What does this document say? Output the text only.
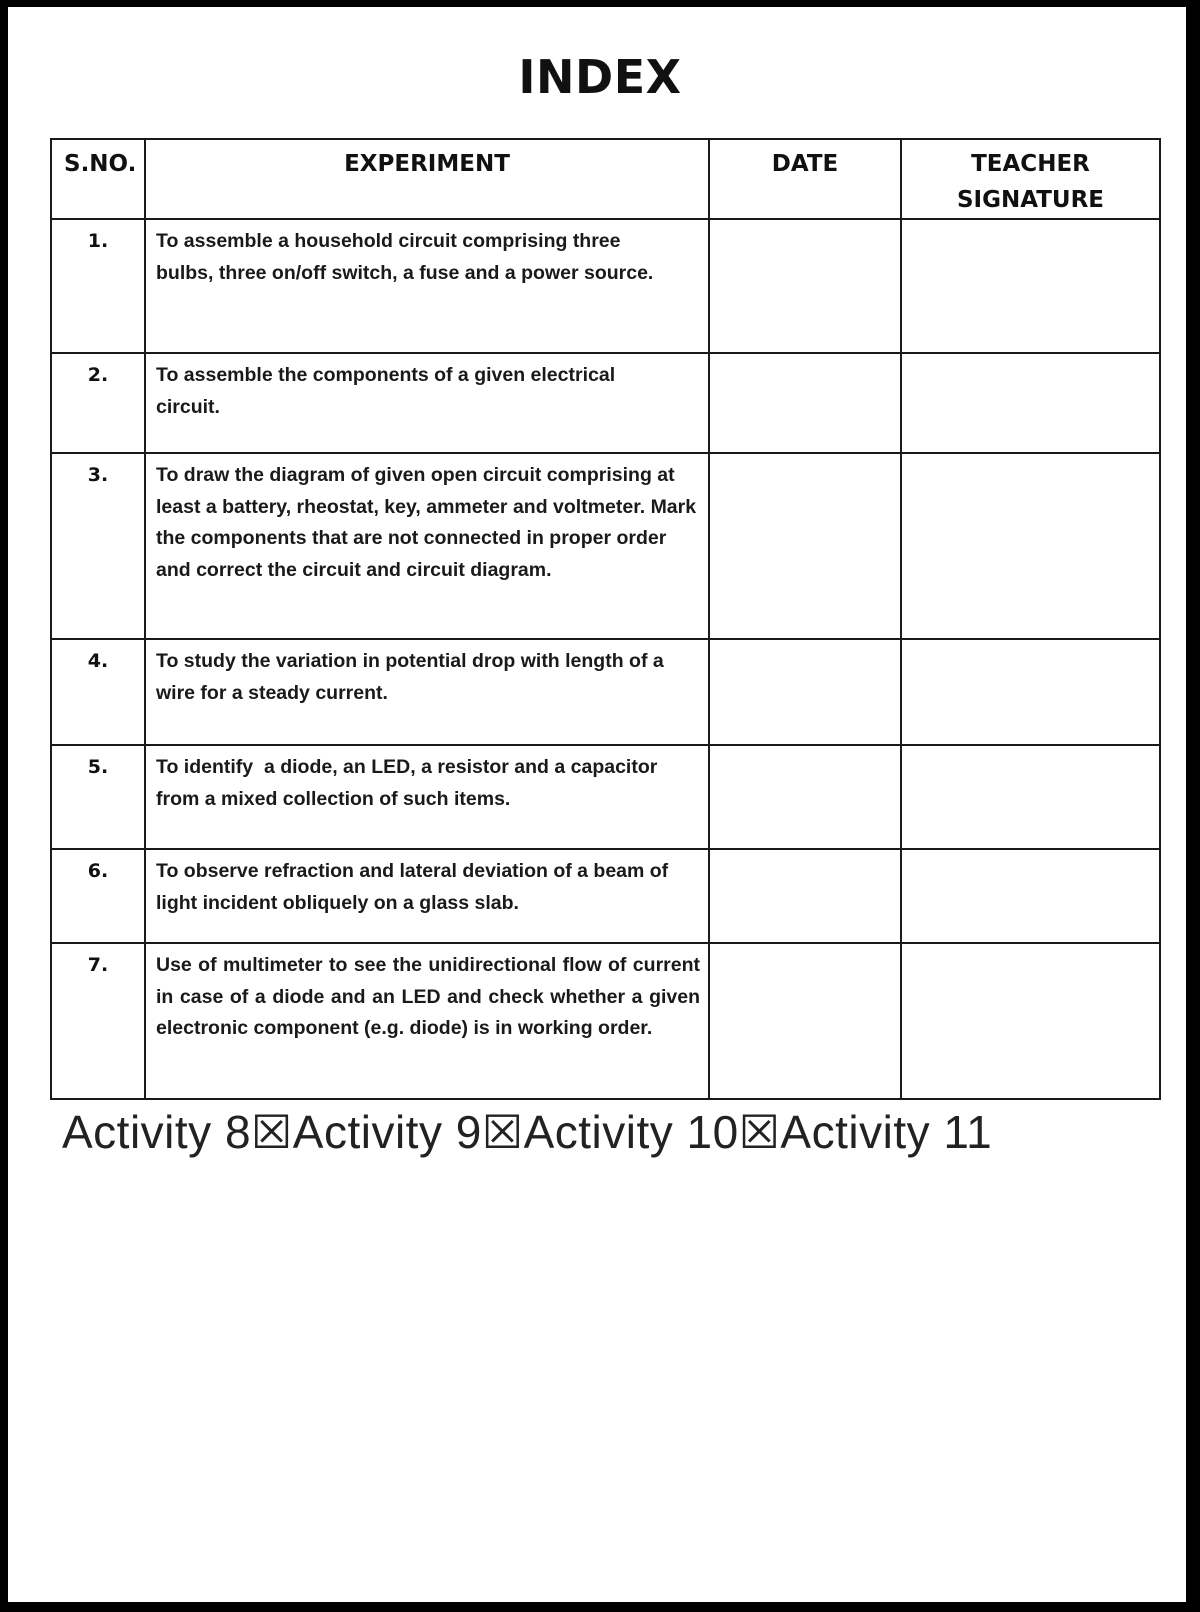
INDEX
S.NO.	EXPERIMENT	DATE	TEACHER SIGNATURE
1.	To assemble a household circuit comprising three bulbs, three on/off switch, a fuse and a power source.		
2.	To assemble the components of a given electrical circuit.		
3.	To draw the diagram of given open circuit comprising at least a battery, rheostat, key, ammeter and voltmeter. Mark the components that are not connected in proper order and correct the circuit and circuit diagram.		
4.	To study the variation in potential drop with length of a wire for a steady current.		
5.	To identify  a diode, an LED, a resistor and a capacitor from a mixed collection of such items.		
6.	To observe refraction and lateral deviation of a beam of light incident obliquely on a glass slab.		
7.	Use of multimeter to see the unidirectional flow of current in case of a diode and an LED and check whether a given electronic component (e.g. diode) is in working order.		
Activity 8☒Activity 9☒Activity 10☒Activity 11
